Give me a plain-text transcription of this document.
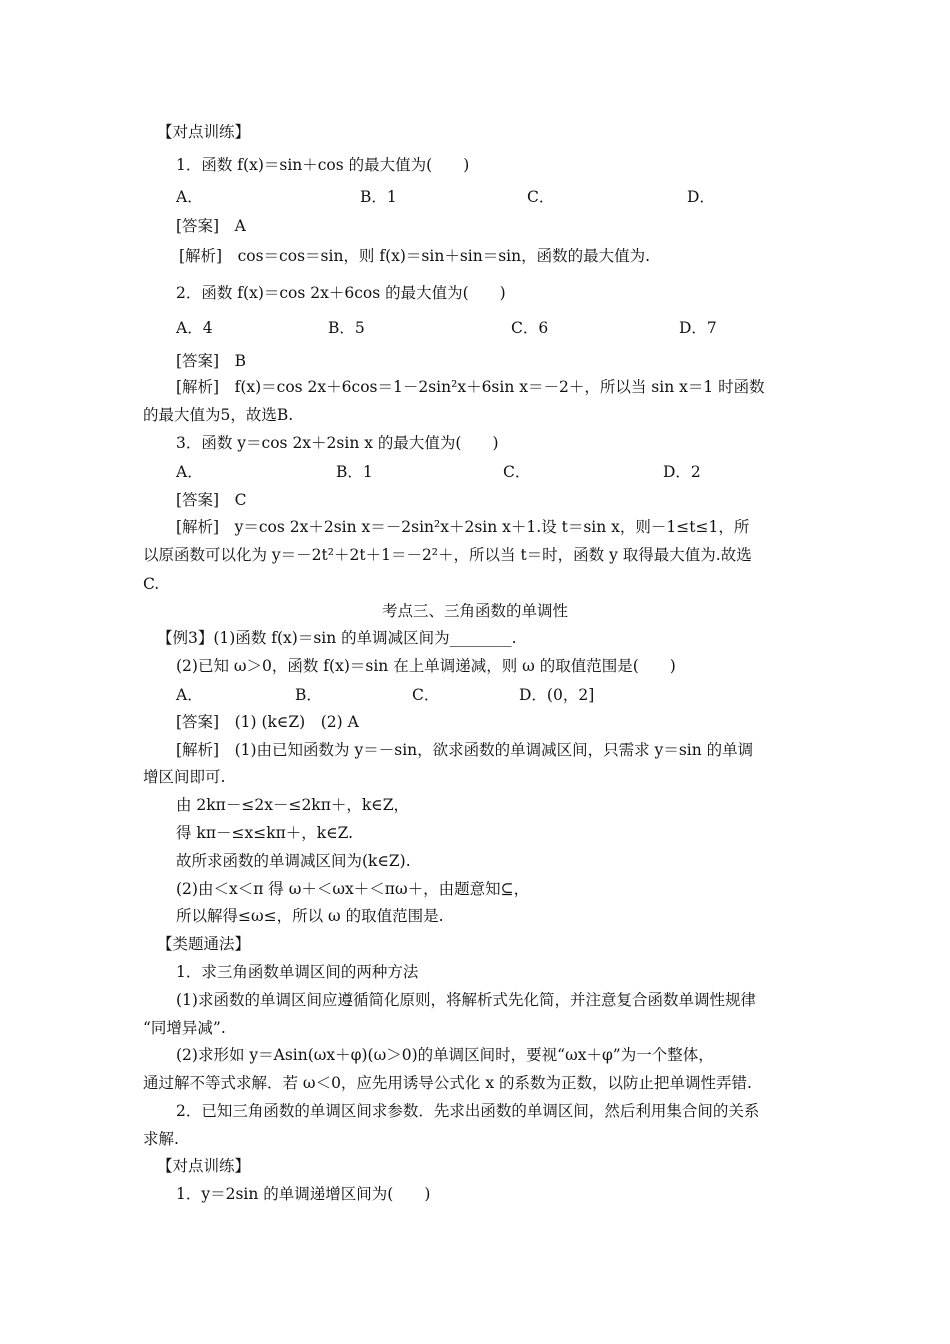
【对点训练】
1．函数 f(x)＝sin＋cos 的最大值为(　　)
A．	B．1	C．	D．
[答案]　A
[解析]　cos＝cos＝sin，则 f(x)＝sin＋sin＝sin，函数的最大值为.
2．函数 f(x)＝cos 2x＋6cos 的最大值为(　　)
A．4	B．5	C．6	D．7
[答案]　B
[解析]　f(x)＝cos 2x＋6cos＝1－2sin²x＋6sin x＝－2＋，所以当 sin x＝1 时函数
的最大值为5，故选B.
3．函数 y＝cos 2x＋2sin x 的最大值为(　　)
A．	B．1	C．	D．2
[答案]　C
[解析]　y＝cos 2x＋2sin x＝－2sin²x＋2sin x＋1.设 t＝sin x，则－1≤t≤1，所
以原函数可以化为 y＝－2t²＋2t＋1＝－2²＋，所以当 t＝时，函数 y 取得最大值为.故选
C.
考点三、三角函数的单调性
【例3】(1)函数 f(x)＝sin 的单调减区间为________.
(2)已知 ω＞0，函数 f(x)＝sin 在上单调递减，则 ω 的取值范围是(　　)
A．	B．	C．	D．(0，2]
[答案]　(1) (k∈Z)　(2) A
[解析]　(1)由已知函数为 y＝－sin，欲求函数的单调减区间，只需求 y＝sin 的单调
增区间即可.
由 2kπ－≤2x－≤2kπ＋，k∈Z，
得 kπ－≤x≤kπ＋，k∈Z.
故所求函数的单调减区间为(k∈Z).
(2)由＜x＜π 得 ω＋＜ωx＋＜πω＋，由题意知⊆，
所以解得≤ω≤，所以 ω 的取值范围是.
【类题通法】
1．求三角函数单调区间的两种方法
(1)求函数的单调区间应遵循简化原则，将解析式先化简，并注意复合函数单调性规律
“同增异减”.
(2)求形如 y＝Asin(ωx＋φ)(ω＞0)的单调区间时，要视“ωx＋φ”为一个整体，
通过解不等式求解．若 ω＜0，应先用诱导公式化 x 的系数为正数，以防止把单调性弄错.
2．已知三角函数的单调区间求参数．先求出函数的单调区间，然后利用集合间的关系
求解.
【对点训练】
1．y＝2sin 的单调递增区间为(　　)
